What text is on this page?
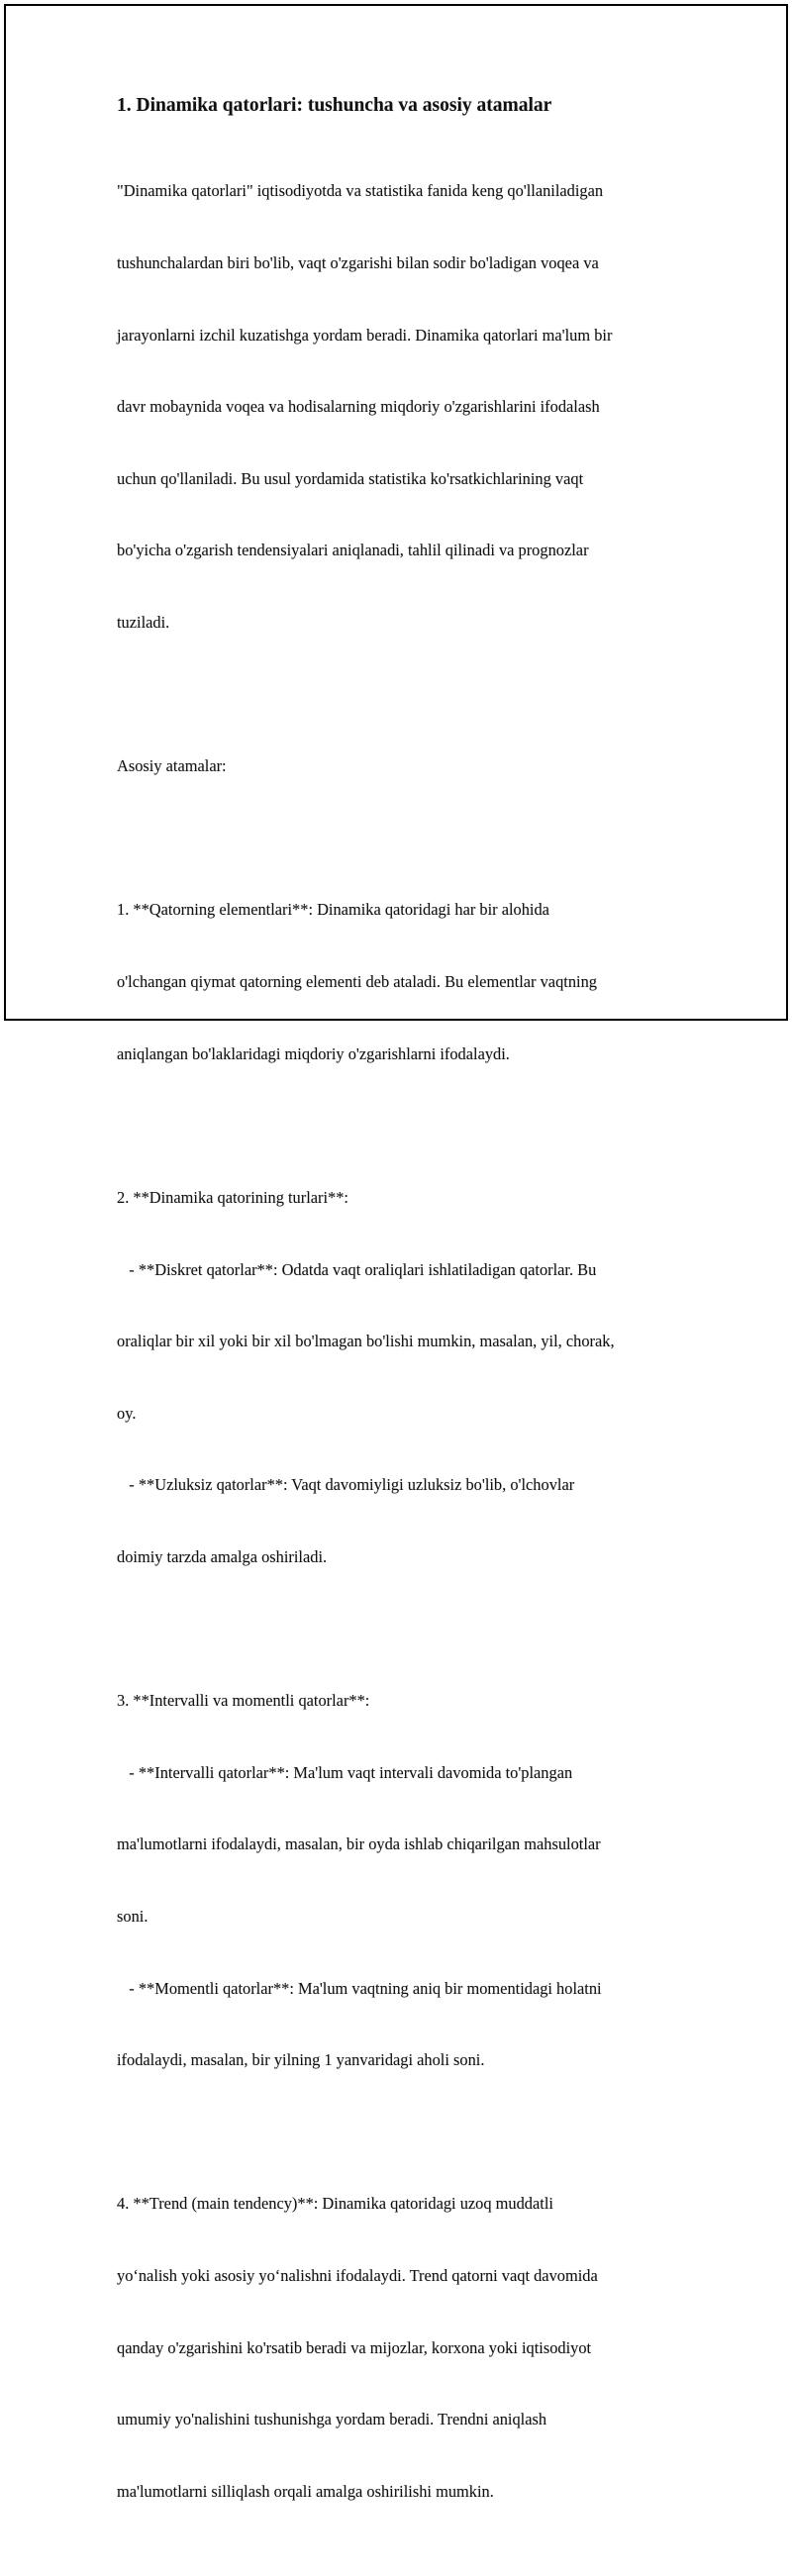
1. Dinamika qatorlari: tushuncha va asosiy atamalar

"Dinamika qatorlari" iqtisodiyotda va statistika fanida keng qo'llaniladigan

tushunchalardan biri bo'lib, vaqt o'zgarishi bilan sodir bo'ladigan voqea va

jarayonlarni izchil kuzatishga yordam beradi. Dinamika qatorlari ma'lum bir

davr mobaynida voqea va hodisalarning miqdoriy o'zgarishlarini ifodalash

uchun qo'llaniladi. Bu usul yordamida statistika ko'rsatkichlarining vaqt

bo'yicha o'zgarish tendensiyalari aniqlanadi, tahlil qilinadi va prognozlar

tuziladi.

Asosiy atamalar:

1. **Qatorning elementlari**: Dinamika qatoridagi har bir alohida

o'lchangan qiymat qatorning elementi deb ataladi. Bu elementlar vaqtning

aniqlangan bo'laklaridagi miqdoriy o'zgarishlarni ifodalaydi.

2. **Dinamika qatorining turlari**:

- **Diskret qatorlar**: Odatda vaqt oraliqlari ishlatiladigan qatorlar. Bu

oraliqlar bir xil yoki bir xil bo'lmagan bo'lishi mumkin, masalan, yil, chorak,

oy.

- **Uzluksiz qatorlar**: Vaqt davomiyligi uzluksiz bo'lib, o'lchovlar

doimiy tarzda amalga oshiriladi.

3. **Intervalli va momentli qatorlar**:

- **Intervalli qatorlar**: Ma'lum vaqt intervali davomida to'plangan

ma'lumotlarni ifodalaydi, masalan, bir oyda ishlab chiqarilgan mahsulotlar

soni.

- **Momentli qatorlar**: Ma'lum vaqtning aniq bir momentidagi holatni

ifodalaydi, masalan, bir yilning 1 yanvaridagi aholi soni.

4. **Trend (main tendency)**: Dinamika qatoridagi uzoq muddatli

yo‘nalish yoki asosiy yo‘nalishni ifodalaydi. Trend qatorni vaqt davomida

qanday o'zgarishini ko'rsatib beradi va mijozlar, korxona yoki iqtisodiyot

umumiy yo'nalishini tushunishga yordam beradi. Trendni aniqlash

ma'lumotlarni silliqlash orqali amalga oshirilishi mumkin.
